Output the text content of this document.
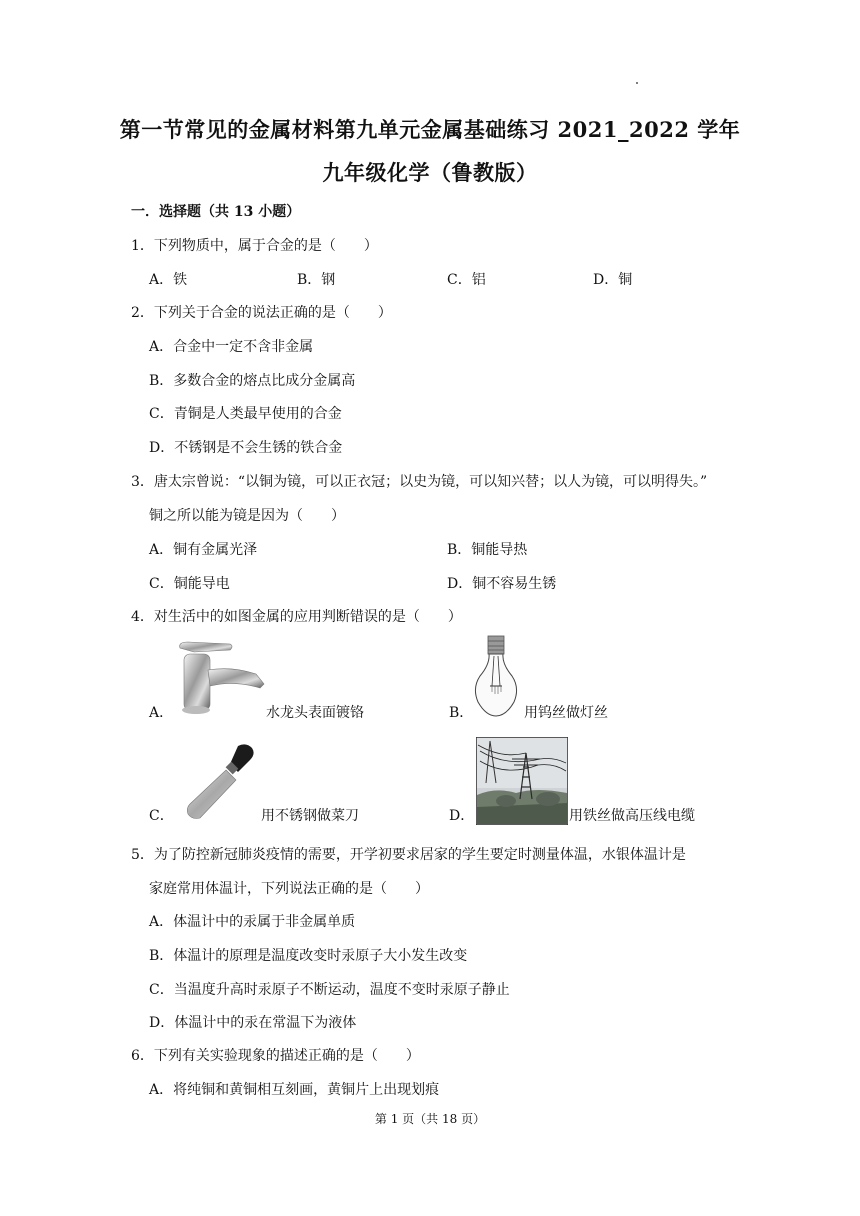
第一节常见的金属材料第九单元金属基础练习 2021_2022 学年
九年级化学（鲁教版）
一．选择题（共 13 小题）
1．下列物质中，属于合金的是（　　）
A．铁	B．钢	C．铝	D．铜
2．下列关于合金的说法正确的是（　　）
A．合金中一定不含非金属
B．多数合金的熔点比成分金属高
C．青铜是人类最早使用的合金
D．不锈钢是不会生锈的铁合金
3．唐太宗曾说：“以铜为镜，可以正衣冠；以史为镜，可以知兴替；以人为镜，可以明得失。”
铜之所以能为镜是因为（　　）
A．铜有金属光泽	B．铜能导热
C．铜能导电	D．铜不容易生锈
4．对生活中的如图金属的应用判断错误的是（　　）
A．	水龙头表面镀铬	B．	用钨丝做灯丝
C．	用不锈钢做菜刀	D．	用铁丝做高压线电缆
5．为了防控新冠肺炎疫情的需要，开学初要求居家的学生要定时测量体温，水银体温计是
家庭常用体温计，下列说法正确的是（　　）
A．体温计中的汞属于非金属单质
B．体温计的原理是温度改变时汞原子大小发生改变
C．当温度升高时汞原子不断运动，温度不变时汞原子静止
D．体温计中的汞在常温下为液体
6．下列有关实验现象的描述正确的是（　　）
A．将纯铜和黄铜相互刻画，黄铜片上出现划痕
第 1 页（共 18 页）
